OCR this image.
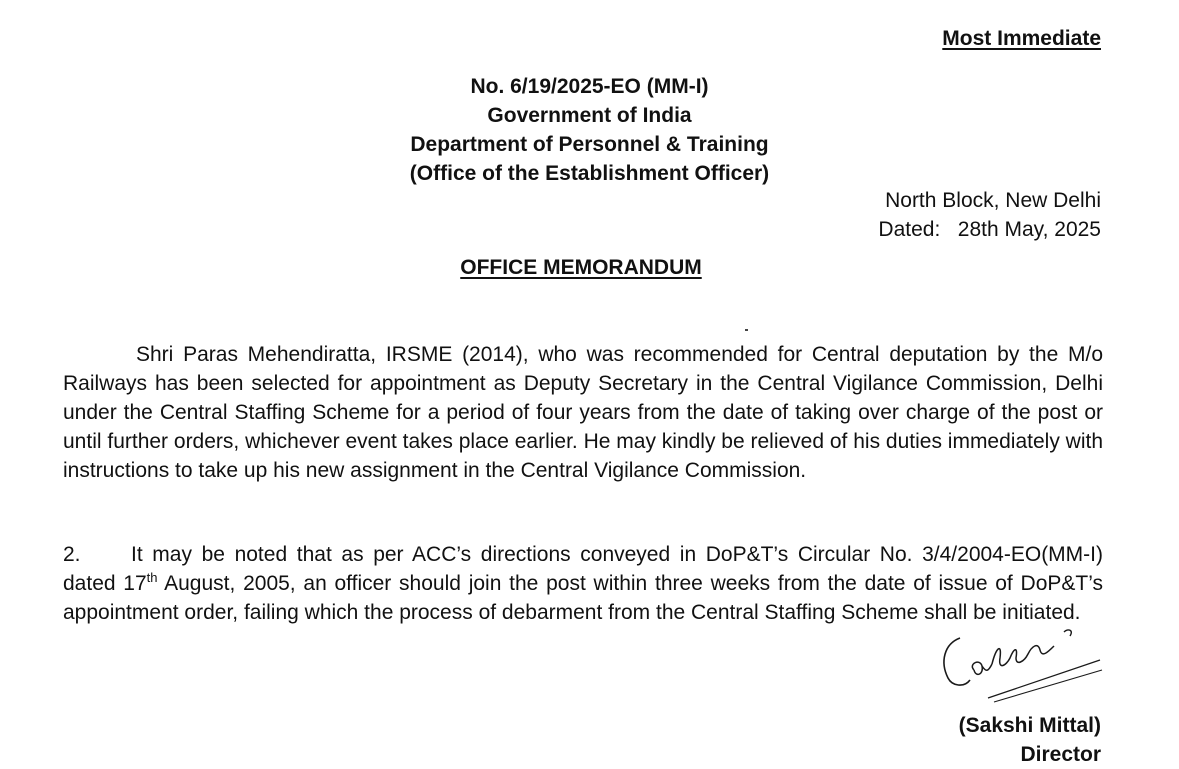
Most Immediate
No. 6/19/2025-EO (MM-I)
Government of India
Department of Personnel & Training
(Office of the Establishment Officer)
North Block, New Delhi
Dated:   28th May, 2025
OFFICE MEMORANDUM

Shri Paras Mehendiratta, IRSME (2014), who was recommended for Central deputation by the M/o Railways has been selected for appointment as Deputy Secretary in the Central Vigilance Commission, Delhi under the Central Staffing Scheme for a period of four years from the date of taking over charge of the post or until further orders, whichever event takes place earlier. He may kindly be relieved of his duties immediately with instructions to take up his new assignment in the Central Vigilance Commission.

2. It may be noted that as per ACC’s directions conveyed in DoP&T’s Circular No. 3/4/2004-EO(MM-I) dated 17th August, 2005, an officer should join the post within three weeks from the date of issue of DoP&T’s appointment order, failing which the process of debarment from the Central Staffing Scheme shall be initiated.

(Sakshi Mittal)
Director
